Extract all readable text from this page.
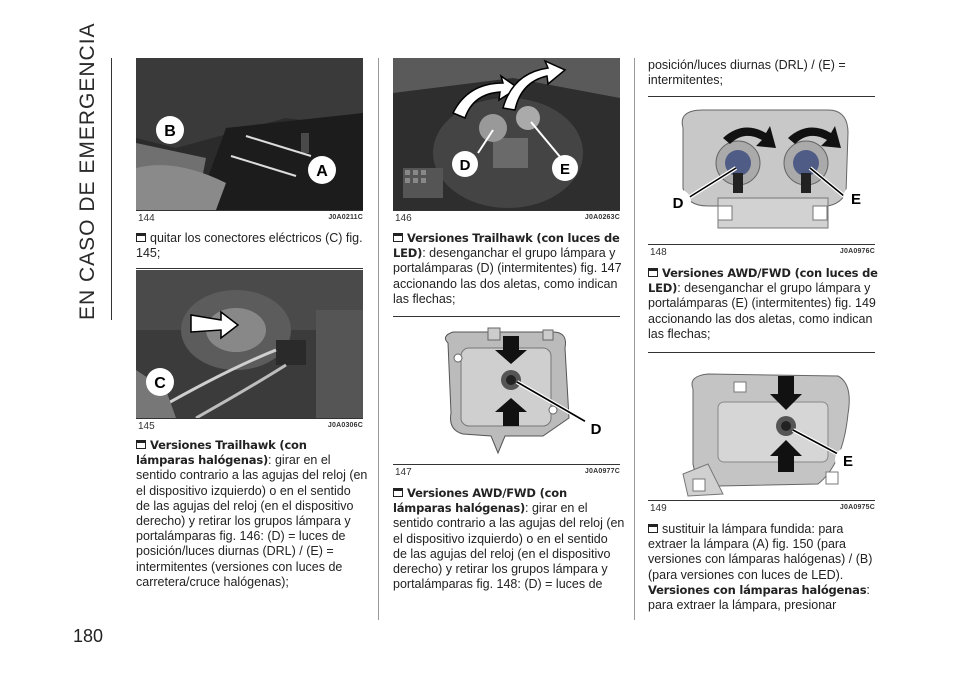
EN CASO DE EMERGENCIA
180
B
A
144	J0A0211C
quitar los conectores eléctricos (C) fig. 145;
C
145	J0A0306C
Versiones Trailhawk (con lámparas halógenas): girar en el sentido contrario a las agujas del reloj (en el dispositivo izquierdo) o en el sentido de las agujas del reloj (en el dispositivo derecho) y retirar los grupos lámpara y portalámparas fig. 146: (D) = luces de posición/luces diurnas (DRL) / (E) = intermitentes (versiones con luces de carretera/cruce halógenas);
D	E
146	J0A0263C
Versiones Trailhawk (con luces de LED): desenganchar el grupo lámpara y portalámparas (D) (intermitentes) fig. 147 accionando las dos aletas, como indican las flechas;
D
147	J0A0977C
Versiones AWD/FWD (con lámparas halógenas): girar en el sentido contrario a las agujas del reloj (en el dispositivo izquierdo) o en el sentido de las agujas del reloj (en el dispositivo derecho) y retirar los grupos lámpara y portalámparas fig. 148: (D) = luces de
posición/luces diurnas (DRL) / (E) = intermitentes;
D	E
148	J0A0976C
Versiones AWD/FWD (con luces de LED): desenganchar el grupo lámpara y portalámparas (E) (intermitentes) fig. 149 accionando las dos aletas, como indican las flechas;
E
149	J0A0975C
sustituir la lámpara fundida: para extraer la lámpara (A) fig. 150 (para versiones con lámparas halógenas) / (B) (para versiones con luces de LED).
Versiones con lámparas halógenas:
para extraer la lámpara, presionar
